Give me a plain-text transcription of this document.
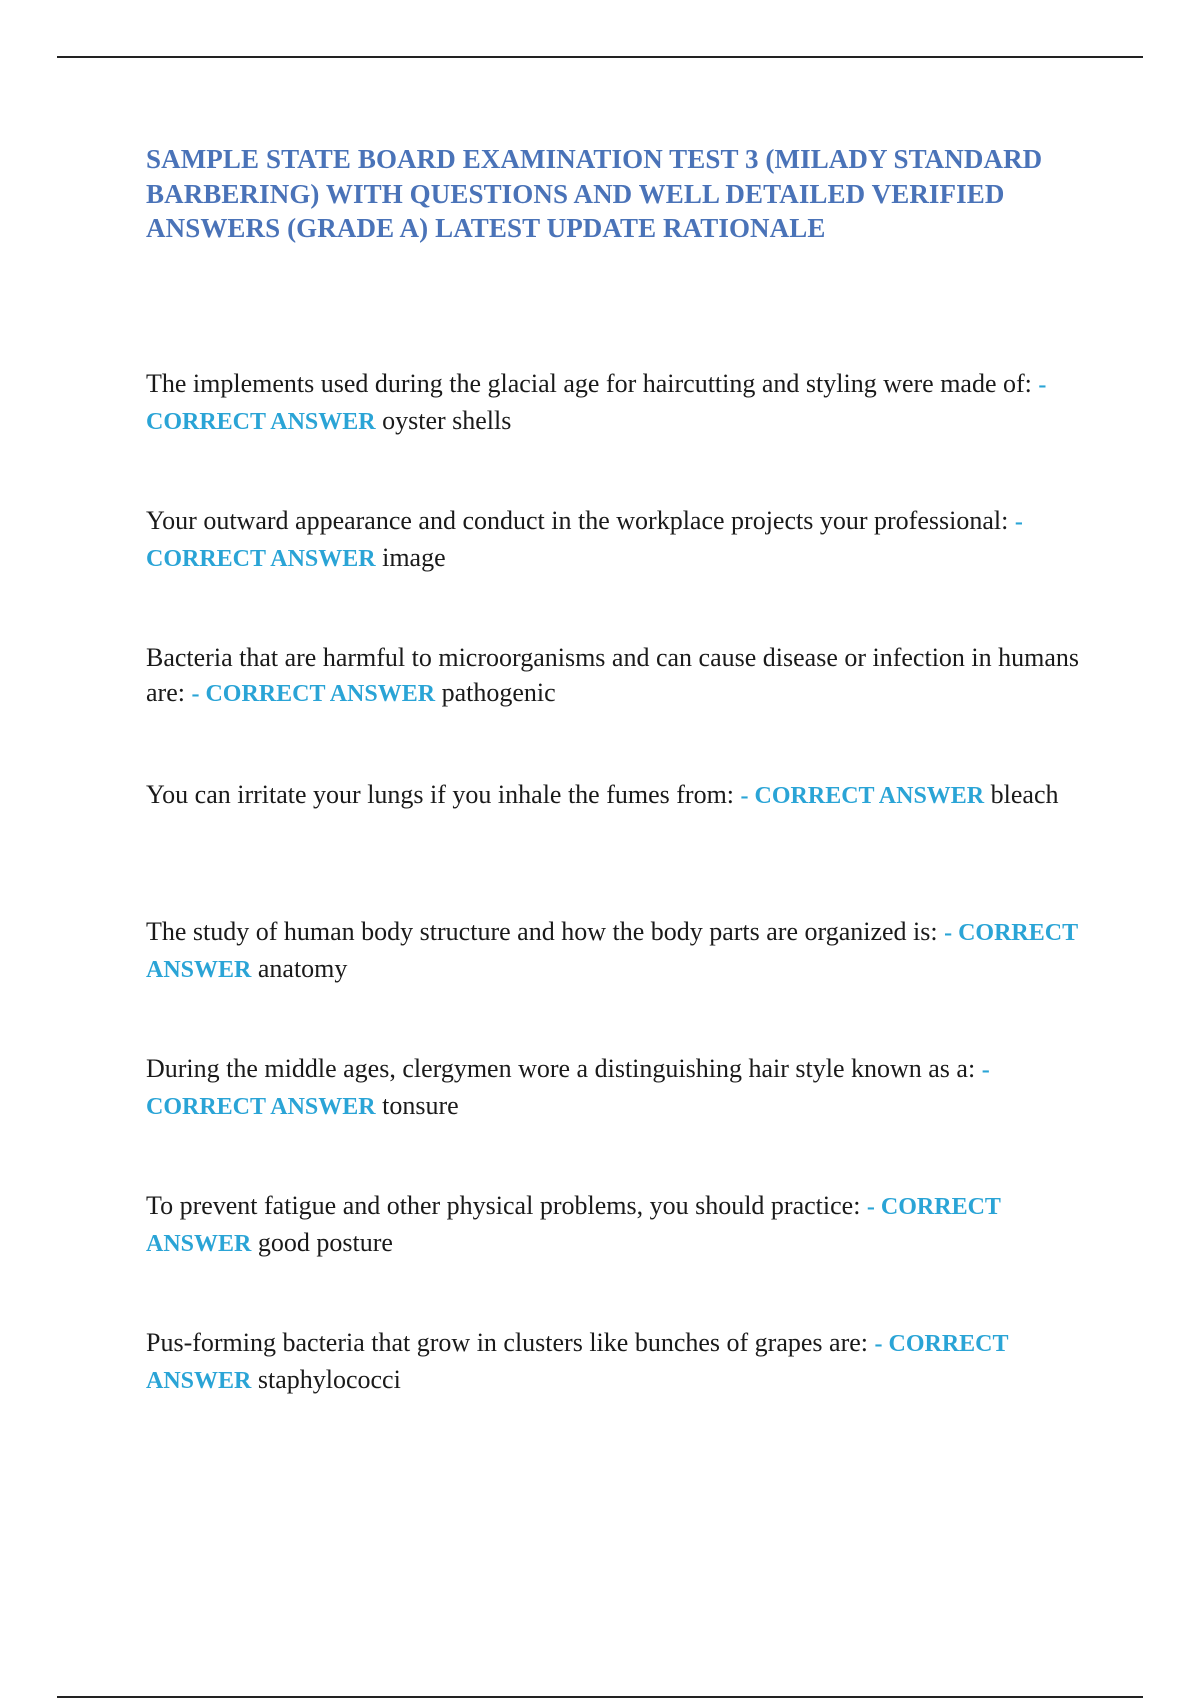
SAMPLE STATE BOARD EXAMINATION TEST 3 (MILADY STANDARD BARBERING) WITH QUESTIONS AND WELL DETAILED VERIFIED ANSWERS (GRADE A) LATEST UPDATE RATIONALE
The implements used during the glacial age for haircutting and styling were made of: - CORRECT ANSWER oyster shells
Your outward appearance and conduct in the workplace projects your professional: - CORRECT ANSWER image
Bacteria that are harmful to microorganisms and can cause disease or infection in humans are: - CORRECT ANSWER pathogenic
You can irritate your lungs if you inhale the fumes from: - CORRECT ANSWER bleach
The study of human body structure and how the body parts are organized is: - CORRECT ANSWER anatomy
During the middle ages, clergymen wore a distinguishing hair style known as a: - CORRECT ANSWER tonsure
To prevent fatigue and other physical problems, you should practice: - CORRECT ANSWER good posture
Pus-forming bacteria that grow in clusters like bunches of grapes are: - CORRECT ANSWER staphylococci
